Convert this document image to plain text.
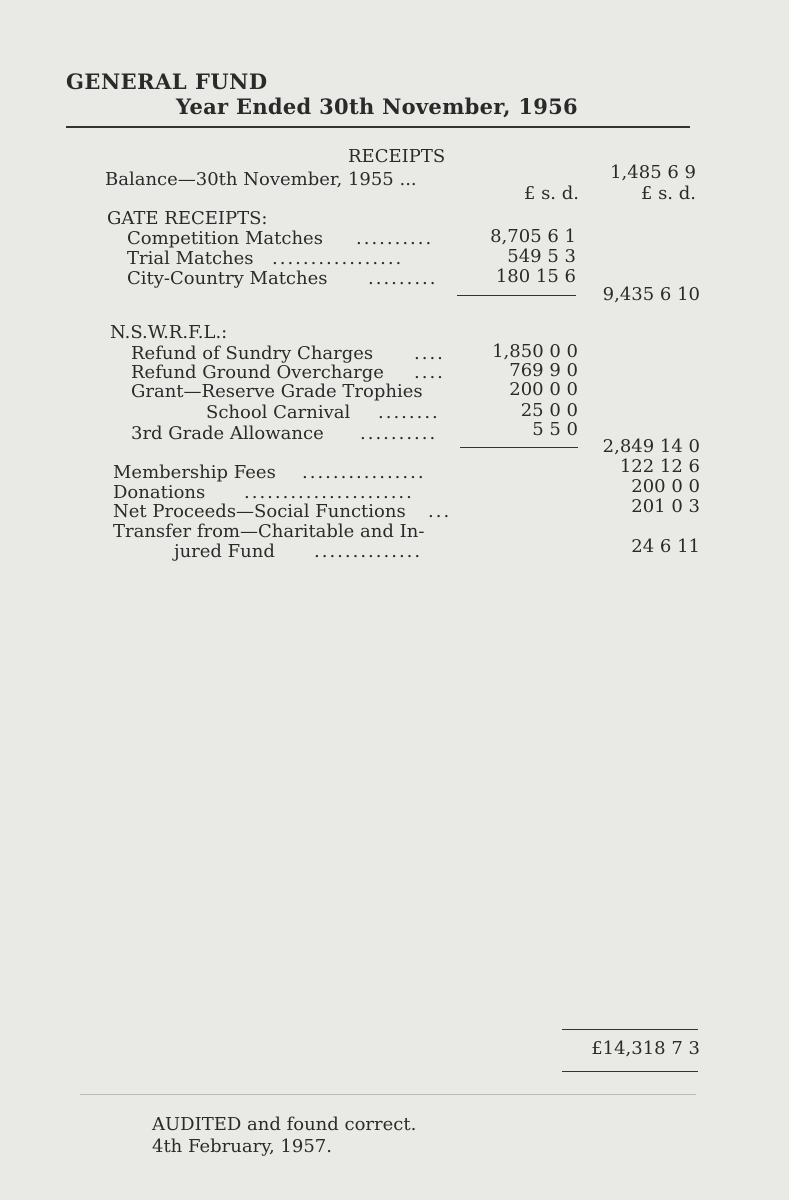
GENERAL FUND
Year Ended 30th November, 1956
RECEIPTS
Balance—30th November, 1955 ...	1,485 6 9
£ s. d.	£ s. d.
GATE RECEIPTS:
Competition Matches ..........	8,705 6 1
Trial Matches .................	549 5 3
City-Country Matches .........	180 15 6
9,435 6 10
N.S.W.R.F.L.:
Refund of Sundry Charges ....	1,850 0 0
Refund Ground Overcharge ....	769 9 0
Grant—Reserve Grade Trophies	200 0 0
School Carnival ........	25 0 0
3rd Grade Allowance ..........	5 5 0
2,849 14 0
Membership Fees ................	122 12 6
Donations ......................	200 0 0
Net Proceeds—Social Functions ...	201 0 3
Transfer from—Charitable and In-
jured Fund ..............	24 6 11
£14,318 7 3
AUDITED and found correct.
4th February, 1957.
